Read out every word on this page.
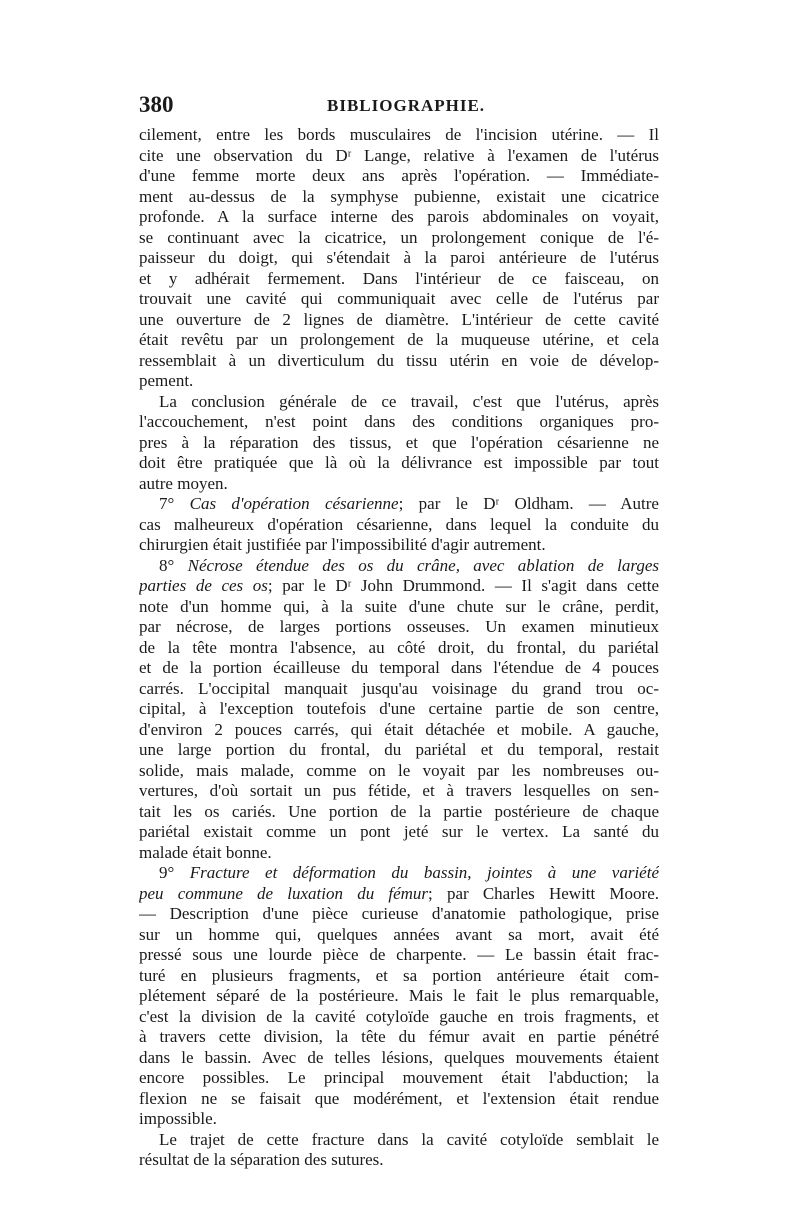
380	BIBLIOGRAPHIE.
cilement, entre les bords musculaires de l'incision utérine. — Il
cite une observation du Dʳ Lange, relative à l'examen de l'utérus
d'une femme morte deux ans après l'opération. — Immédiate-
ment au-dessus de la symphyse pubienne, existait une cicatrice
profonde. A la surface interne des parois abdominales on voyait,
se continuant avec la cicatrice, un prolongement conique de l'é-
paisseur du doigt, qui s'étendait à la paroi antérieure de l'utérus
et y adhérait fermement. Dans l'intérieur de ce faisceau, on
trouvait une cavité qui communiquait avec celle de l'utérus par
une ouverture de 2 lignes de diamètre. L'intérieur de cette cavité
était revêtu par un prolongement de la muqueuse utérine, et cela
ressemblait à un diverticulum du tissu utérin en voie de dévelop-
pement.
La conclusion générale de ce travail, c'est que l'utérus, après
l'accouchement, n'est point dans des conditions organiques pro-
pres à la réparation des tissus, et que l'opération césarienne ne
doit être pratiquée que là où la délivrance est impossible par tout
autre moyen.
7° Cas d'opération césarienne; par le Dʳ Oldham. — Autre
cas malheureux d'opération césarienne, dans lequel la conduite du
chirurgien était justifiée par l'impossibilité d'agir autrement.
8° Nécrose étendue des os du crâne, avec ablation de larges
parties de ces os; par le Dʳ John Drummond. — Il s'agit dans cette
note d'un homme qui, à la suite d'une chute sur le crâne, perdit,
par nécrose, de larges portions osseuses. Un examen minutieux
de la tête montra l'absence, au côté droit, du frontal, du pariétal
et de la portion écailleuse du temporal dans l'étendue de 4 pouces
carrés. L'occipital manquait jusqu'au voisinage du grand trou oc-
cipital, à l'exception toutefois d'une certaine partie de son centre,
d'environ 2 pouces carrés, qui était détachée et mobile. A gauche,
une large portion du frontal, du pariétal et du temporal, restait
solide, mais malade, comme on le voyait par les nombreuses ou-
vertures, d'où sortait un pus fétide, et à travers lesquelles on sen-
tait les os cariés. Une portion de la partie postérieure de chaque
pariétal existait comme un pont jeté sur le vertex. La santé du
malade était bonne.
9° Fracture et déformation du bassin, jointes à une variété
peu commune de luxation du fémur; par Charles Hewitt Moore.
— Description d'une pièce curieuse d'anatomie pathologique, prise
sur un homme qui, quelques années avant sa mort, avait été
pressé sous une lourde pièce de charpente. — Le bassin était frac-
turé en plusieurs fragments, et sa portion antérieure était com-
plétement séparé de la postérieure. Mais le fait le plus remarquable,
c'est la division de la cavité cotyloïde gauche en trois fragments, et
à travers cette division, la tête du fémur avait en partie pénétré
dans le bassin. Avec de telles lésions, quelques mouvements étaient
encore possibles. Le principal mouvement était l'abduction; la
flexion ne se faisait que modérément, et l'extension était rendue
impossible.
Le trajet de cette fracture dans la cavité cotyloïde semblait le
résultat de la séparation des sutures.
